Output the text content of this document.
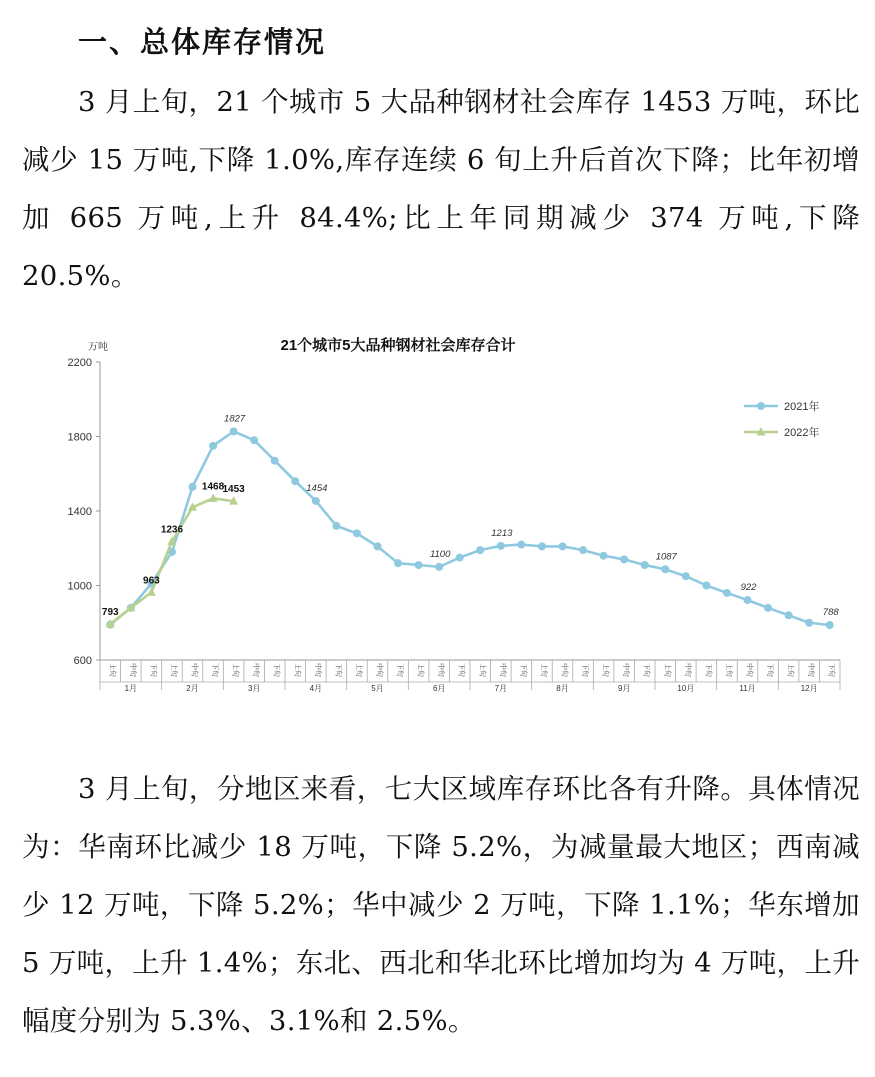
一、总体库存情况

3 月上旬，21 个城市 5 大品种钢材社会库存 1453 万吨，环比减少 15 万吨,下降 1.0%,库存连续 6 旬上升后首次下降；比年初增加 665 万吨,上升 84.4%;比上年同期减少 374 万吨,下降 20.5%。

21个城市5大品种钢材社会库存合计
万吨
600
1000
1400
1800
2200
上旬 中旬 下旬 上旬 中旬 下旬 上旬 中旬 下旬 上旬 中旬 下旬 上旬 中旬 下旬 上旬 中旬 下旬 上旬 中旬 下旬 上旬 中旬 下旬 上旬 中旬 下旬 上旬 中旬 下旬 上旬 中旬 下旬 上旬 中旬 下旬
1月	2月	3月	4月	5月	6月	7月	8月	9月	10月	11月	12月
1827
1454
1100
1213
1087
922
788
793
963
1236
1468
1453
2021年
2022年

3 月上旬，分地区来看，七大区域库存环比各有升降。具体情况为：华南环比减少 18 万吨，下降 5.2%，为减量最大地区；西南减少 12 万吨，下降 5.2%；华中减少 2 万吨，下降 1.1%；华东增加 5 万吨，上升 1.4%；东北、西北和华北环比增加均为 4 万吨，上升幅度分别为 5.3%、3.1%和 2.5%。
